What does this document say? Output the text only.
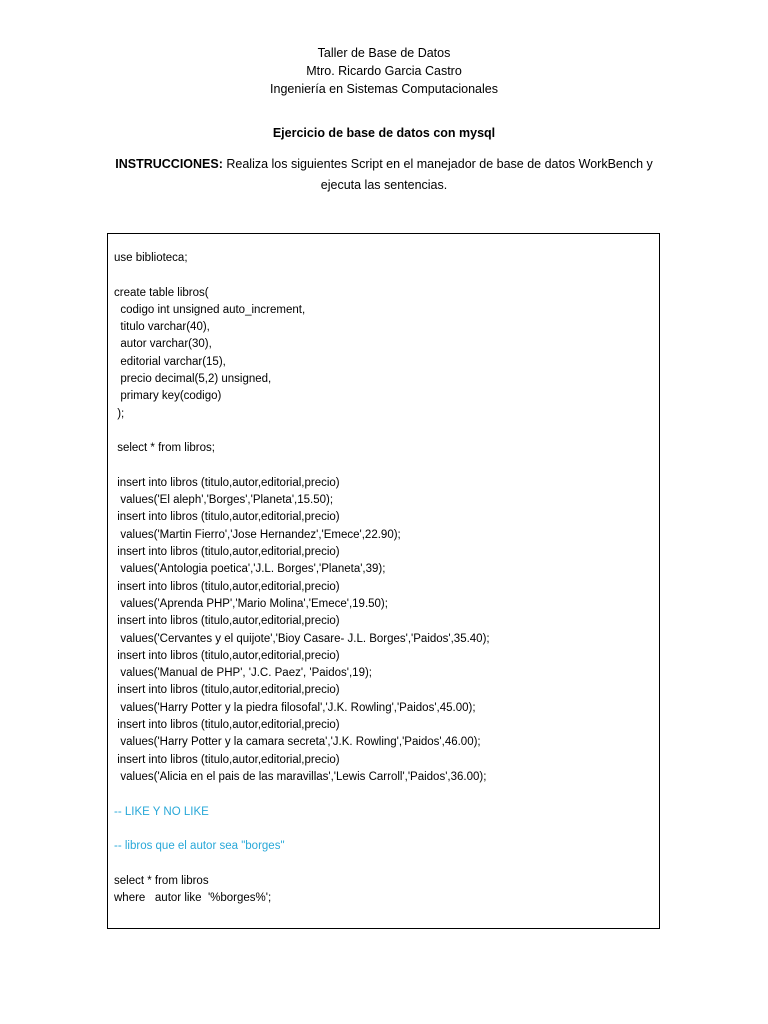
Taller de Base de Datos
Mtro. Ricardo Garcia Castro
Ingeniería en Sistemas Computacionales
Ejercicio de base de datos con mysql
INSTRUCCIONES: Realiza los siguientes Script en el manejador de base de datos WorkBench y ejecuta las sentencias.
use biblioteca;
create table libros(
codigo int unsigned auto_increment,
titulo varchar(40),
autor varchar(30),
editorial varchar(15),
precio decimal(5,2) unsigned,
primary key(codigo)
);
select * from libros;
insert into libros (titulo,autor,editorial,precio)
values('El aleph','Borges','Planeta',15.50);
insert into libros (titulo,autor,editorial,precio)
values('Martin Fierro','Jose Hernandez','Emece',22.90);
insert into libros (titulo,autor,editorial,precio)
values('Antologia poetica','J.L. Borges','Planeta',39);
insert into libros (titulo,autor,editorial,precio)
values('Aprenda PHP','Mario Molina','Emece',19.50);
insert into libros (titulo,autor,editorial,precio)
values('Cervantes y el quijote','Bioy Casare- J.L. Borges','Paidos',35.40);
insert into libros (titulo,autor,editorial,precio)
values('Manual de PHP', 'J.C. Paez', 'Paidos',19);
insert into libros (titulo,autor,editorial,precio)
values('Harry Potter y la piedra filosofal','J.K. Rowling','Paidos',45.00);
insert into libros (titulo,autor,editorial,precio)
values('Harry Potter y la camara secreta','J.K. Rowling','Paidos',46.00);
insert into libros (titulo,autor,editorial,precio)
values('Alicia en el pais de las maravillas','Lewis Carroll','Paidos',36.00);
-- LIKE Y NO LIKE
-- libros que el autor sea "borges"
select * from libros
where   autor like  '%borges%';
